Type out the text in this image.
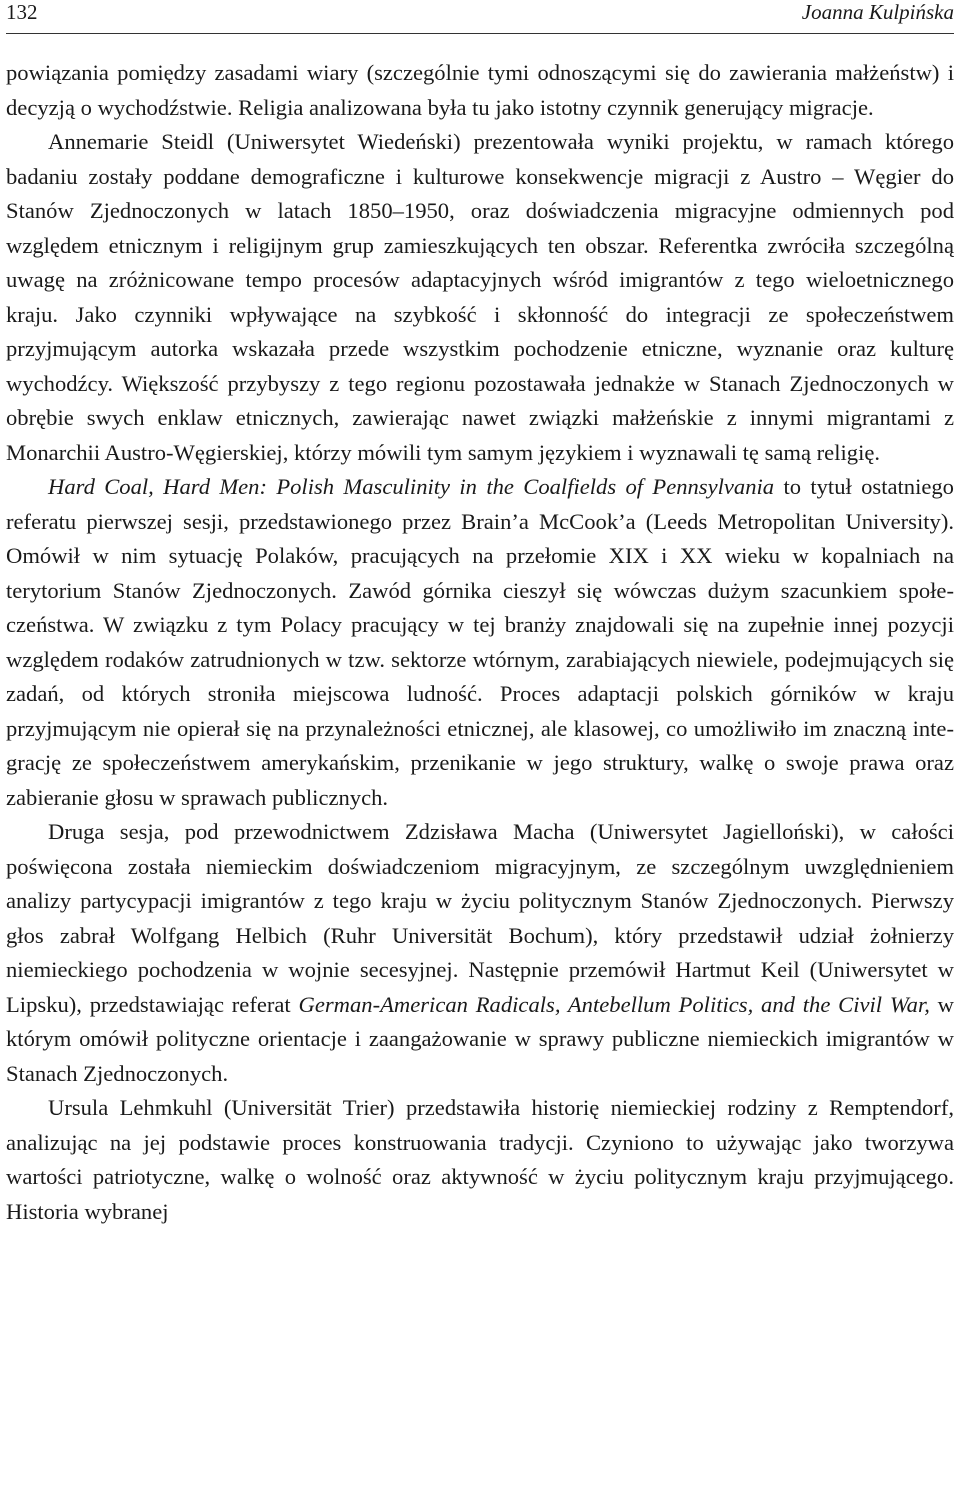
132	Joanna Kulpińska

powiązania pomiędzy zasadami wiary (szczególnie tymi odnoszącymi się do zawierania małżeństw) i decyzją o wychodźstwie. Religia analizowana była tu jako istotny czynnik generujący migracje.

Annemarie Steidl (Uniwersytet Wiedeński) prezentowała wyniki projektu, w ramach którego badaniu zostały poddane demograficzne i kulturowe konsekwencje migracji z Austro – Węgier do Stanów Zjednoczonych w latach 1850–1950, oraz doświadczenia migracyjne odmiennych pod względem etnicznym i religijnym grup zamieszkujących ten obszar. Referentka zwróciła szczególną uwagę na zróżnicowane tempo procesów adaptacyjnych wśród imigrantów z tego wieloetnicznego kraju. Jako czynniki wpływające na szybkość i skłonność do integracji ze społeczeństwem przyjmującym autorka wskazała przede wszystkim pochodzenie etniczne, wyznanie oraz kulturę wychodźcy. Większość przybyszy z tego regionu pozostawała jednakże w Stanach Zjednoczonych w obrębie swych enklaw etnicznych, zawierając nawet związki małżeńskie z innymi migrantami z Monarchii Austro-Węgierskiej, którzy mówili tym samym językiem i wyznawali tę samą religię.

Hard Coal, Hard Men: Polish Masculinity in the Coalfields of Pennsylvania to tytuł ostatniego referatu pierwszej sesji, przedstawionego przez Brain’a McCook’a (Leeds Metropolitan University). Omówił w nim sytuację Polaków, pracujących na przełomie XIX i XX wieku w kopalniach na terytorium Stanów Zjednoczonych. Zawód górnika cieszył się wówczas dużym szacunkiem społeczeństwa. W związku z tym Polacy pracujący w tej branży znajdowali się na zupełnie innej pozycji względem rodaków zatrudnionych w tzw. sektorze wtórnym, zarabiających niewiele, podejmujących się zadań, od których stroniła miejscowa ludność. Proces adaptacji polskich górników w kraju przyjmującym nie opierał się na przynależności etnicznej, ale klasowej, co umożliwiło im znaczną integrację ze społeczeństwem amerykańskim, przenikanie w jego struktury, walkę o swoje prawa oraz zabieranie głosu w sprawach publicznych.

Druga sesja, pod przewodnictwem Zdzisława Macha (Uniwersytet Jagielloński), w całości poświęcona została niemieckim doświadczeniom migracyjnym, ze szczególnym uwzględnieniem analizy partycypacji imigrantów z tego kraju w życiu politycznym Stanów Zjednoczonych. Pierwszy głos zabrał Wolfgang Helbich (Ruhr Universität Bochum), który przedstawił udział żołnierzy niemieckiego pochodzenia w wojnie secesyjnej. Następnie przemówił Hartmut Keil (Uniwersytet w Lipsku), przedstawiając referat German-American Radicals, Antebellum Politics, and the Civil War, w którym omówił polityczne orientacje i zaangażowanie w sprawy publiczne niemieckich imigrantów w Stanach Zjednoczonych.

Ursula Lehmkuhl (Universität Trier) przedstawiła historię niemieckiej rodziny z Remptendorf, analizując na jej podstawie proces konstruowania tradycji. Czyniono to używając jako tworzywa wartości patriotyczne, walkę o wolność oraz aktywność w życiu politycznym kraju przyjmującego. Historia wybranej
